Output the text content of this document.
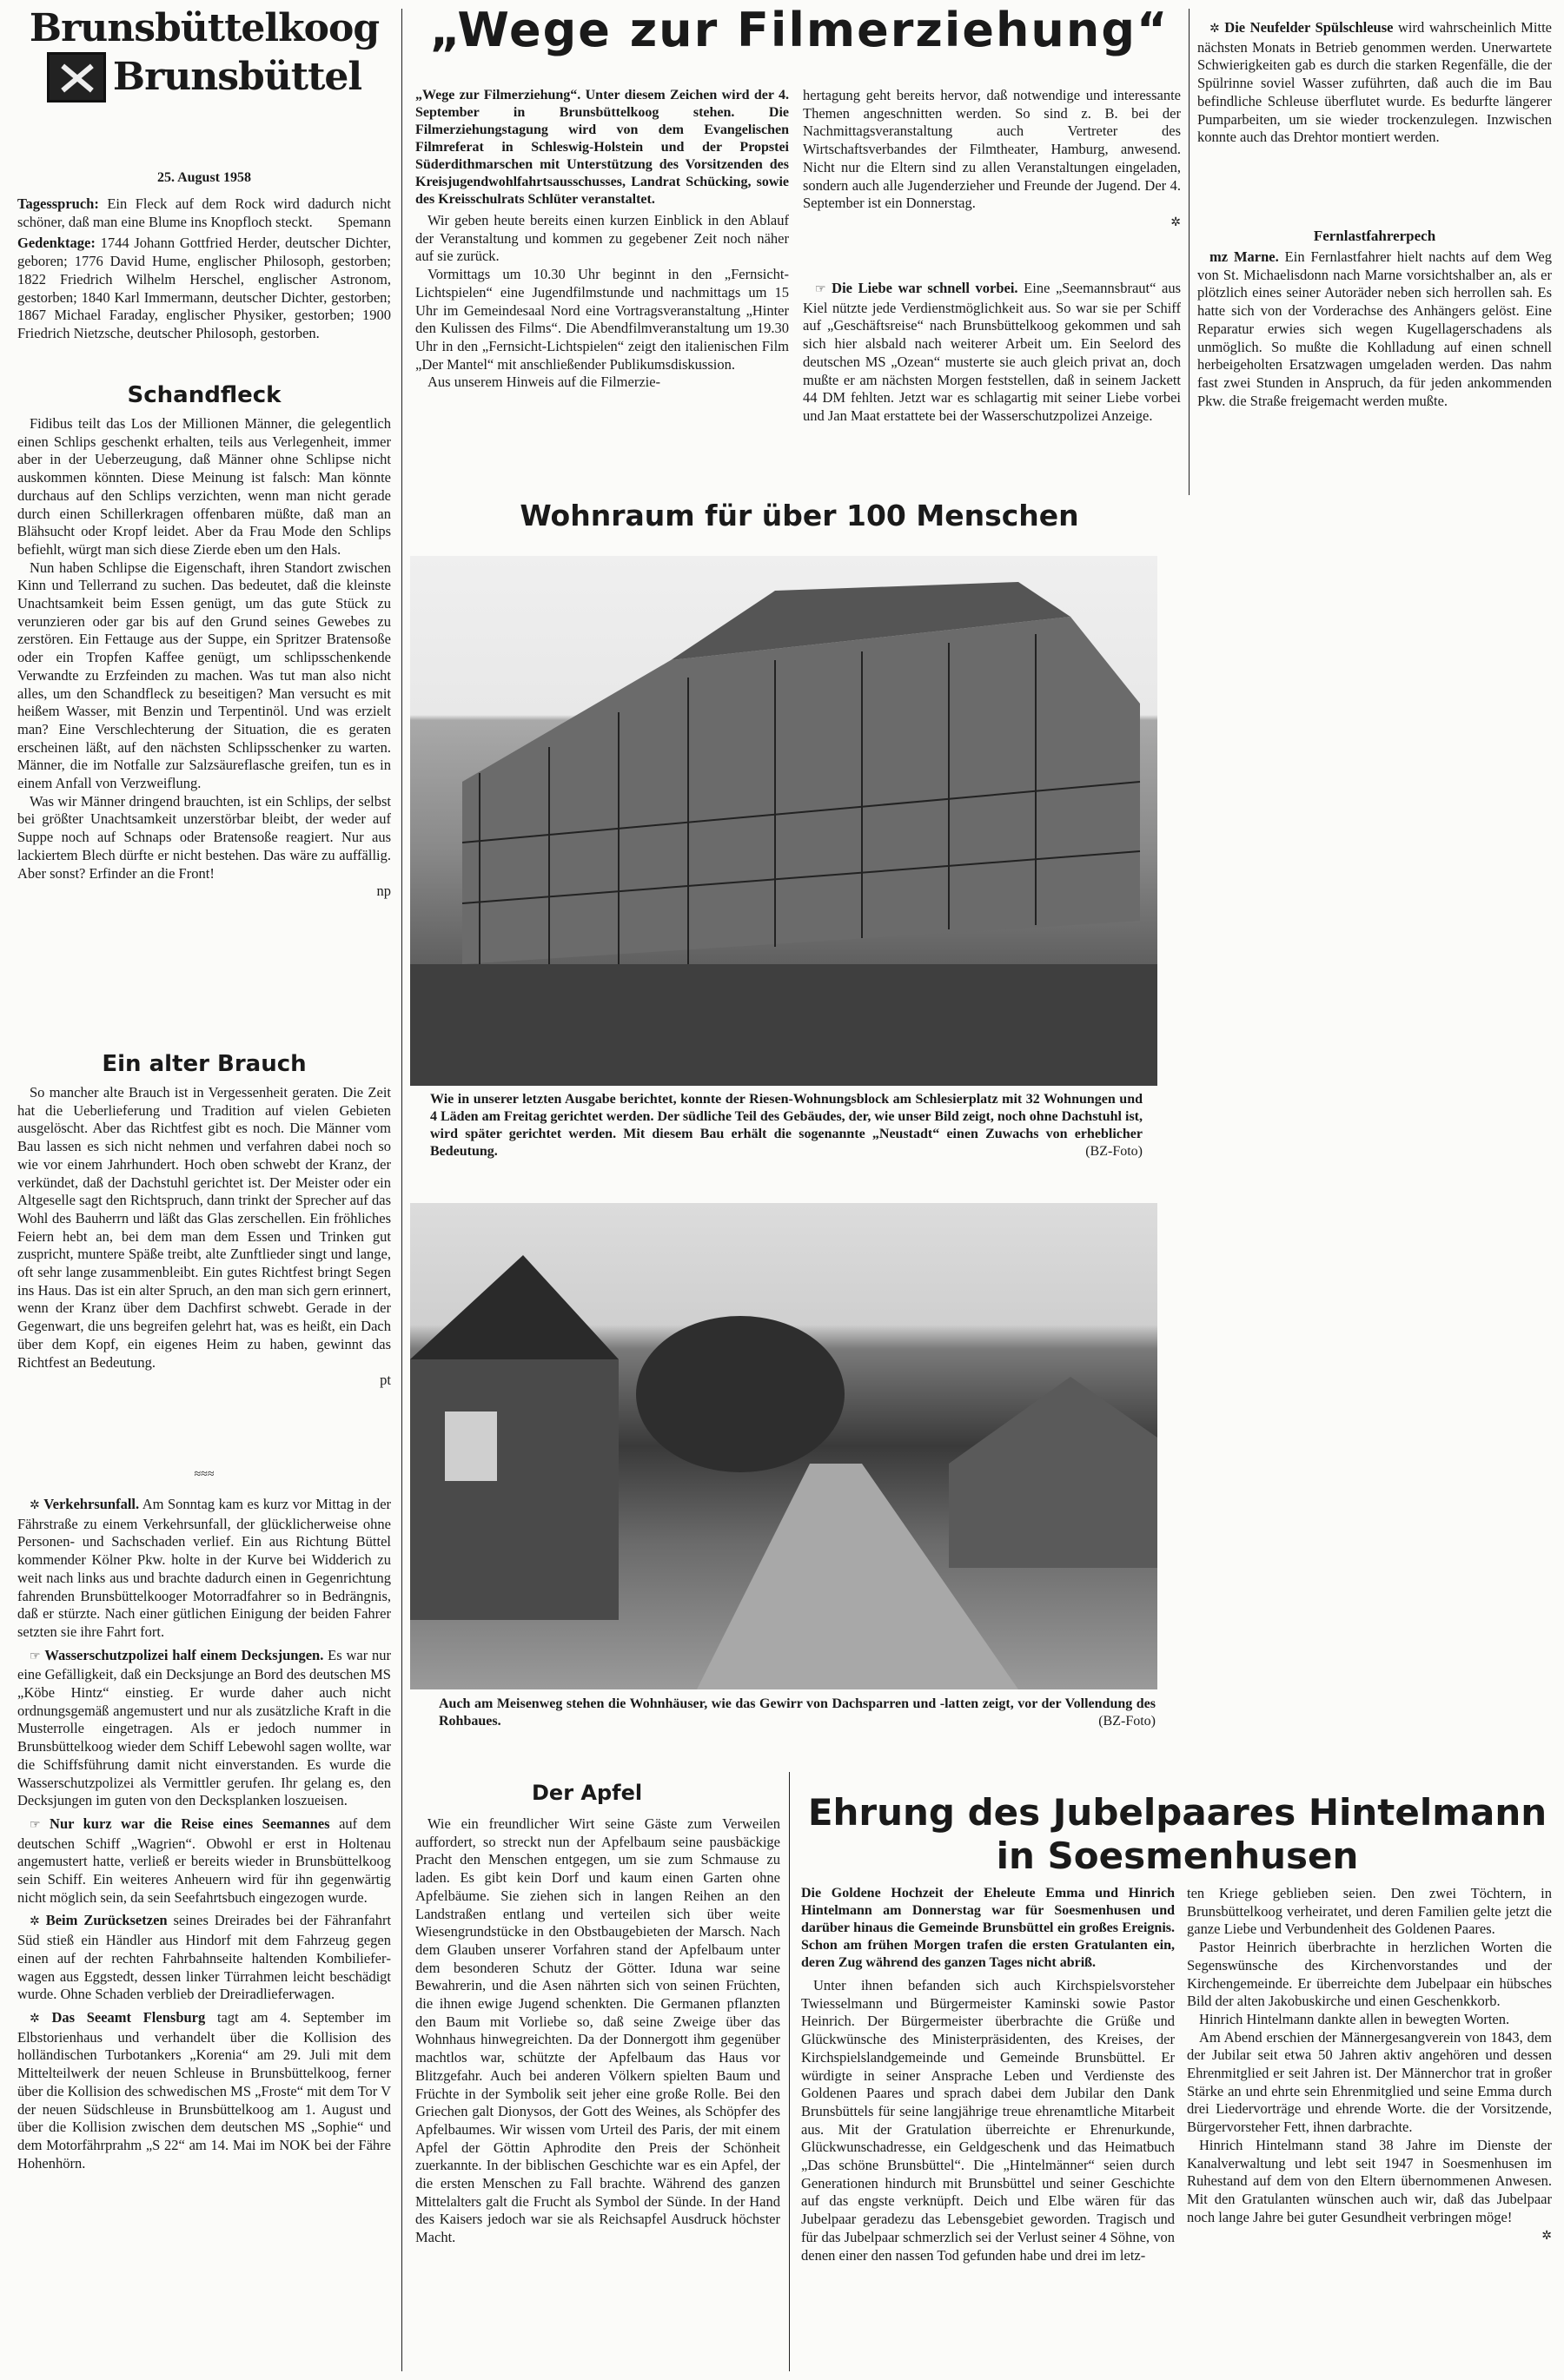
Brunsbüttelkoog
Brunsbüttel
25. August 1958

Tagesspruch: Ein Fleck auf dem Rock wird dadurch nicht schöner, daß man eine Blume ins Knopfloch steckt. Spemann

Gedenktage: 1744 Johann Gottfried Herder, deutscher Dichter, geboren; 1776 David Hume, englischer Philosoph, gestorben; 1822 Friedrich Wilhelm Herschel, englischer Astronom, gestorben; 1840 Karl Immermann, deutscher Dichter, gestorben; 1867 Michael Faraday, englischer Physiker, gestorben; 1900 Friedrich Nietzsche, deutscher Philosoph, gestorben.

Schandfleck

Fidibus teilt das Los der Millionen Männer, die gelegentlich einen Schlips geschenkt erhalten, teils aus Verlegenheit, immer aber in der Ueberzeugung, daß Männer ohne Schlipse nicht auskommen könnten. Diese Meinung ist falsch: Man könnte durchaus auf den Schlips verzichten, wenn man nicht gerade durch einen Schillerkragen offenbaren müßte, daß man an Blähsucht oder Kropf leidet. Aber da Frau Mode den Schlips befiehlt, würgt man sich diese Zierde eben um den Hals.

Nun haben Schlipse die Eigenschaft, ihren Standort zwischen Kinn und Tellerrand zu suchen. Das bedeutet, daß die kleinste Unachtsamkeit beim Essen genügt, um das gute Stück zu verunzieren oder gar bis auf den Grund seines Gewebes zu zerstören. Ein Fettauge aus der Suppe, ein Spritzer Bratensoße oder ein Tropfen Kaffee genügt, um schlipsschenkende Verwandte zu Erzfeinden zu machen. Was tut man also nicht alles, um den Schandfleck zu beseitigen? Man versucht es mit heißem Wasser, mit Benzin und Terpentinöl. Und was erzielt man? Eine Verschlechterung der Situation, die es geraten erscheinen läßt, auf den nächsten Schlipsschenker zu warten. Männer, die im Notfalle zur Salzsäureflasche greifen, tun es in einem Anfall von Verzweiflung.

Was wir Männer dringend brauchten, ist ein Schlips, der selbst bei größter Unachtsamkeit unzerstörbar bleibt, der weder auf Suppe noch auf Schnaps oder Bratensoße reagiert. Nur aus lackiertem Blech dürfte er nicht bestehen. Das wäre zu auffällig. Aber sonst? Erfinder an die Front!

np

Ein alter Brauch

So mancher alte Brauch ist in Vergessenheit geraten. Die Zeit hat die Ueberlieferung und Tradition auf vielen Gebieten ausgelöscht. Aber das Richtfest gibt es noch. Die Männer vom Bau lassen es sich nicht nehmen und verfahren dabei noch so wie vor einem Jahrhundert. Hoch oben schwebt der Kranz, der verkündet, daß der Dachstuhl gerichtet ist. Der Meister oder ein Altgeselle sagt den Richtspruch, dann trinkt der Sprecher auf das Wohl des Bauherrn und läßt das Glas zerschellen. Ein fröhliches Feiern hebt an, bei dem man dem Essen und Trinken gut zuspricht, muntere Späße treibt, alte Zunftlieder singt und lange, oft sehr lange zusammenbleibt. Ein gutes Richtfest bringt Segen ins Haus. Das ist ein alter Spruch, an den man sich gern erinnert, wenn der Kranz über dem Dachfirst schwebt. Gerade in der Gegenwart, die uns begreifen gelehrt hat, was es heißt, ein Dach über dem Kopf, ein eigenes Heim zu haben, gewinnt das Richtfest an Bedeutung.

pt

≈≈≈

✲ Verkehrsunfall. Am Sonntag kam es kurz vor Mittag in der Fährstraße zu einem Verkehrsunfall, der glücklicherweise ohne Personen- und Sachschaden verlief. Ein aus Richtung Büttel kommender Kölner Pkw. holte in der Kurve bei Widderich zu weit nach links aus und brachte dadurch einen in Gegenrichtung fahrenden Brunsbüttelkooger Motorradfahrer so in Bedrängnis, daß er stürzte. Nach einer gütlichen Einigung der beiden Fahrer setzten sie ihre Fahrt fort.

☞ Wasserschutzpolizei half einem Decksjungen. Es war nur eine Gefälligkeit, daß ein Decksjunge an Bord des deutschen MS „Köbe Hintz“ einstieg. Er wurde daher auch nicht ordnungsgemäß angemustert und nur als zusätzliche Kraft in die Musterrolle eingetragen. Als er jedoch nummer in Brunsbüttelkoog wieder dem Schiff Lebewohl sagen wollte, war die Schiffsführung damit nicht einverstanden. Es wurde die Wasserschutzpolizei als Vermittler gerufen. Ihr gelang es, den Decksjungen im guten von den Decksplanken loszueisen.

☞ Nur kurz war die Reise eines Seemannes auf dem deutschen Schiff „Wagrien“. Obwohl er erst in Holtenau angemustert hatte, verließ er bereits wieder in Brunsbüttelkoog sein Schiff. Ein weiteres Anheuern wird für ihn gegenwärtig nicht möglich sein, da sein Seefahrtsbuch eingezogen wurde.

✲ Beim Zurücksetzen seines Dreirades bei der Fähranfahrt Süd stieß ein Händler aus Hindorf mit dem Fahrzeug gegen einen auf der rechten Fahrbahnseite haltenden Kombilieferwagen aus Eggstedt, dessen linker Türrahmen leicht beschädigt wurde. Ohne Schaden verblieb der Dreiradlieferwagen.

✲ Das Seeamt Flensburg tagt am 4. September im Elbstorienhaus und verhandelt über die Kollision des holländischen Turbotankers „Korenia“ am 29. Juli mit dem Mittelteilwerk der neuen Schleuse in Brunsbüttelkoog, ferner über die Kollision des schwedischen MS „Froste“ mit dem Tor V der neuen Südschleuse in Brunsbüttelkoog am 1. August und über die Kollision zwischen dem deutschen MS „Sophie“ und dem Motorfährprahm „S 22“ am 14. Mai im NOK bei der Fähre Hohenhörn.

„Wege zur Filmerziehung“

„Wege zur Filmerziehung“. Unter diesem Zeichen wird der 4. September in Brunsbüttelkoog stehen. Die Filmerziehungstagung wird von dem Evangelischen Filmreferat in Schleswig-Holstein und der Propstei Süderdithmarschen mit Unterstützung des Vorsitzenden des Kreisjugendwohlfahrtsausschusses, Landrat Schücking, sowie des Kreisschulrats Schlüter veranstaltet.

Wir geben heute bereits einen kurzen Einblick in den Ablauf der Veranstaltung und kommen zu gegebener Zeit noch näher auf sie zurück.

Vormittags um 10.30 Uhr beginnt in den „Fernsicht-Lichtspielen“ eine Jugendfilmstunde und nachmittags um 15 Uhr im Gemeindesaal Nord eine Vortragsveranstaltung „Hinter den Kulissen des Films“. Die Abendfilmveranstaltung um 19.30 Uhr in den „Fernsicht-Lichtspielen“ zeigt den italienischen Film „Der Mantel“ mit anschließender Publikumsdiskussion.

Aus unserem Hinweis auf die Filmerzie-

hertagung geht bereits hervor, daß notwendige und interessante Themen angeschnitten werden. So sind z. B. bei der Nachmittagsveranstaltung auch Vertreter des Wirtschaftsverbandes der Filmtheater, Hamburg, anwesend. Nicht nur die Eltern sind zu allen Veranstaltungen eingeladen, sondern auch alle Jugenderzieher und Freunde der Jugend. Der 4. September ist ein Donnerstag.

✲

☞ Die Liebe war schnell vorbei. Eine „Seemannsbraut“ aus Kiel nützte jede Verdienstmöglichkeit aus. So war sie per Schiff auf „Geschäftsreise“ nach Brunsbüttelkoog gekommen und sah sich hier alsbald nach weiterer Arbeit um. Ein Seelord des deutschen MS „Ozean“ musterte sie auch gleich privat an, doch mußte er am nächsten Morgen feststellen, daß in seinem Jackett 44 DM fehlten. Jetzt war es schlagartig mit seiner Liebe vorbei und Jan Maat erstattete bei der Wasserschutzpolizei Anzeige.

✲ Die Neufelder Spülschleuse wird wahrscheinlich Mitte nächsten Monats in Betrieb genommen werden. Unerwartete Schwierigkeiten gab es durch die starken Regenfälle, die der Spülrinne soviel Wasser zuführten, daß auch die im Bau befindliche Schleuse überflutet wurde. Es bedurfte längerer Pumparbeiten, um sie wieder trockenzulegen. Inzwischen konnte auch das Drehtor montiert werden.

Fernlastfahrerpech

mz Marne. Ein Fernlastfahrer hielt nachts auf dem Weg von St. Michaelisdonn nach Marne vorsichtshalber an, als er plötzlich eines seiner Autoräder neben sich herrollen sah. Es hatte sich von der Vorderachse des Anhängers gelöst. Eine Reparatur erwies sich wegen Kugellagerschadens als unmöglich. So mußte die Kohlladung auf einen schnell herbeigeholten Ersatzwagen umgeladen werden. Das nahm fast zwei Stunden in Anspruch, da für jeden ankommenden Pkw. die Straße freigemacht werden mußte.

Wohnraum für über 100 Menschen
Wie in unserer letzten Ausgabe berichtet, konnte der Riesen-Wohnungsblock am Schlesierplatz mit 32 Wohnungen und 4 Läden am Freitag gerichtet werden. Der südliche Teil des Gebäudes, der, wie unser Bild zeigt, noch ohne Dachstuhl ist, wird später gerichtet werden. Mit diesem Bau erhält die sogenannte „Neustadt“ einen Zuwachs von erheblicher Bedeutung.	(BZ-Foto)
Auch am Meisenweg stehen die Wohnhäuser, wie das Gewirr von Dachsparren und -latten zeigt, vor der Vollendung des Rohbaues.	(BZ-Foto)
Der Apfel

Wie ein freundlicher Wirt seine Gäste zum Verweilen auffordert, so streckt nun der Apfelbaum seine pausbäckige Pracht den Menschen entgegen, um sie zum Schmause zu laden. Es gibt kein Dorf und kaum einen Garten ohne Apfelbäume. Sie ziehen sich in langen Reihen an den Landstraßen entlang und verteilen sich über weite Wiesengrundstücke in den Obstbaugebieten der Marsch. Nach dem Glauben unserer Vorfahren stand der Apfelbaum unter dem besonderen Schutz der Götter. Iduna war seine Bewahrerin, und die Asen nährten sich von seinen Früchten, die ihnen ewige Jugend schenkten. Die Germanen pflanzten den Baum mit Vorliebe so, daß seine Zweige über das Wohnhaus hinwegreichten. Da der Donnergott ihm gegenüber machtlos war, schützte der Apfelbaum das Haus vor Blitzgefahr. Auch bei anderen Völkern spielten Baum und Früchte in der Symbolik seit jeher eine große Rolle. Bei den Griechen galt Dionysos, der Gott des Weines, als Schöpfer des Apfelbaumes. Wir wissen vom Urteil des Paris, der mit einem Apfel der Göttin Aphrodite den Preis der Schönheit zuerkannte. In der biblischen Geschichte war es ein Apfel, der die ersten Menschen zu Fall brachte. Während des ganzen Mittelalters galt die Frucht als Symbol der Sünde. In der Hand des Kaisers jedoch war sie als Reichsapfel Ausdruck höchster Macht.

Ehrung des Jubelpaares Hintelmann
in Soesmenhusen

Die Goldene Hochzeit der Eheleute Emma und Hinrich Hintelmann am Donnerstag war für Soesmenhusen und darüber hinaus die Gemeinde Brunsbüttel ein großes Ereignis. Schon am frühen Morgen trafen die ersten Gratulanten ein, deren Zug während des ganzen Tages nicht abriß.

Unter ihnen befanden sich auch Kirchspielsvorsteher Twiesselmann und Bürgermeister Kaminski sowie Pastor Heinrich. Der Bürgermeister überbrachte die Grüße und Glückwünsche des Ministerpräsidenten, des Kreises, der Kirchspielslandgemeinde und Gemeinde Brunsbüttel. Er würdigte in seiner Ansprache Leben und Verdienste des Goldenen Paares und sprach dabei dem Jubilar den Dank Brunsbüttels für seine langjährige treue ehrenamtliche Mitarbeit aus. Mit der Gratulation überreichte er Ehrenurkunde, Glückwunschadresse, ein Geldgeschenk und das Heimatbuch „Das schöne Brunsbüttel“. Die „Hintelmänner“ seien durch Generationen hindurch mit Brunsbüttel und seiner Geschichte auf das engste verknüpft. Deich und Elbe wären für das Jubelpaar geradezu das Lebensgebiet geworden. Tragisch und für das Jubelpaar schmerzlich sei der Verlust seiner 4 Söhne, von denen einer den nassen Tod gefunden habe und drei im letz-

ten Kriege geblieben seien. Den zwei Töchtern, in Brunsbüttelkoog verheiratet, und deren Familien gelte jetzt die ganze Liebe und Verbundenheit des Goldenen Paares.

Pastor Heinrich überbrachte in herzlichen Worten die Segenswünsche des Kirchenvorstandes und der Kirchengemeinde. Er überreichte dem Jubelpaar ein hübsches Bild der alten Jakobuskirche und einen Geschenkkorb.

Hinrich Hintelmann dankte allen in bewegten Worten.

Am Abend erschien der Männergesangverein von 1843, dem der Jubilar seit etwa 50 Jahren aktiv angehören und dessen Ehrenmitglied er seit Jahren ist. Der Männerchor trat in großer Stärke an und ehrte sein Ehrenmitglied und seine Emma durch drei Liedervorträge und ehrende Worte. die der Vorsitzende, Bürgervorsteher Fett, ihnen darbrachte.

Hinrich Hintelmann stand 38 Jahre im Dienste der Kanalverwaltung und lebt seit 1947 in Soesmenhusen im Ruhestand auf dem von den Eltern übernommenen Anwesen. Mit den Gratulanten wünschen auch wir, daß das Jubelpaar noch lange Jahre bei guter Gesundheit verbringen möge!

✲
